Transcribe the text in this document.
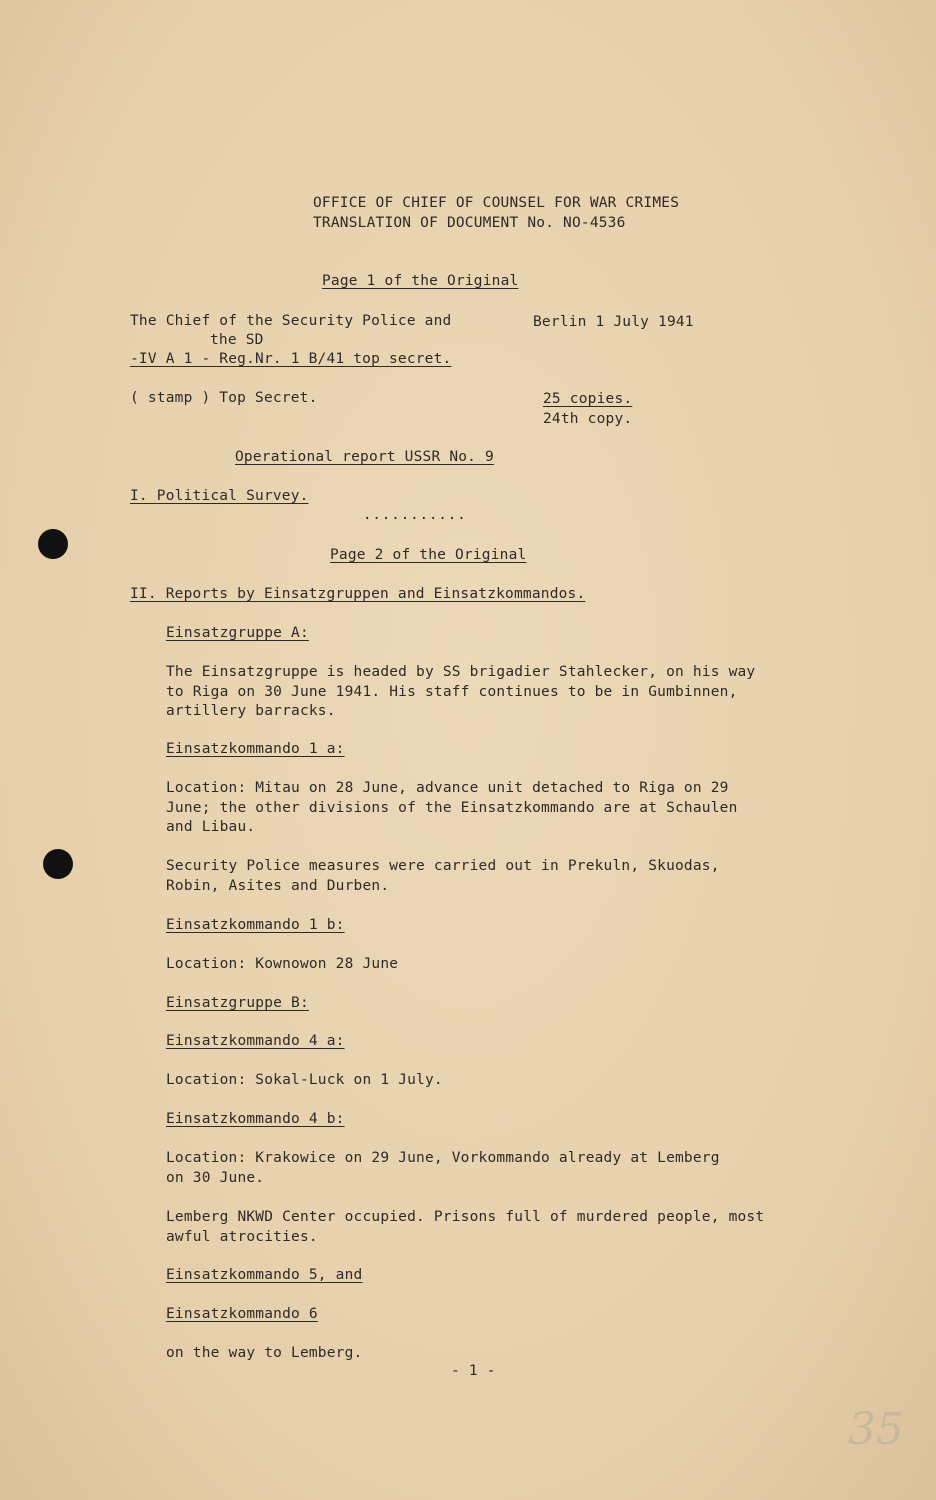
OFFICE OF CHIEF OF COUNSEL FOR WAR CRIMES
TRANSLATION OF DOCUMENT No. NO-4536
Page 1 of the Original
The Chief of the Security Police and
the SD
-IV A 1 - Reg.Nr. 1 B/41 top secret.
Berlin 1 July 1941
( stamp ) Top Secret.	25 copies.
24th copy.
Operational report USSR No. 9
I. Political Survey.
...........
Page 2 of the Original
II. Reports by Einsatzgruppen and Einsatzkommandos.
Einsatzgruppe A:
The Einsatzgruppe is headed by SS brigadier Stahlecker, on his way
to Riga on 30 June 1941. His staff continues to be in Gumbinnen,
artillery barracks.
Einsatzkommando 1 a:
Location: Mitau on 28 June, advance unit detached to Riga on 29
June; the other divisions of the Einsatzkommando are at Schaulen
and Libau.
Security Police measures were carried out in Prekuln, Skuodas,
Robin, Asites and Durben.
Einsatzkommando 1 b:
Location: Kownowon 28 June
Einsatzgruppe B:
Einsatzkommando 4 a:
Location: Sokal-Luck on 1 July.
Einsatzkommando 4 b:
Location: Krakowice on 29 June, Vorkommando already at Lemberg
on 30 June.
Lemberg NKWD Center occupied. Prisons full of murdered people, most
awful atrocities.
Einsatzkommando 5, and
Einsatzkommando 6
on the way to Lemberg.
- 1 -
35
